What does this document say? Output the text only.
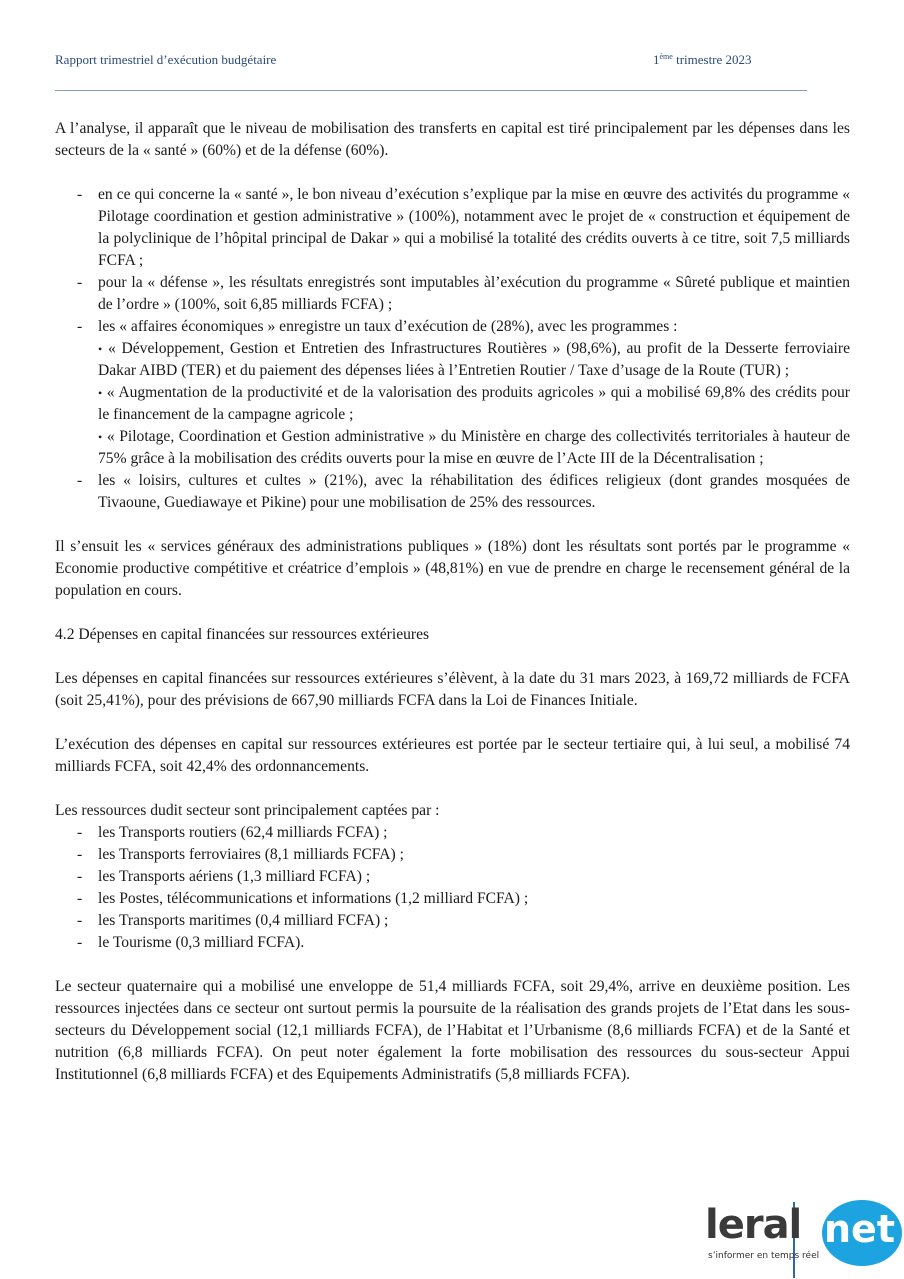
Rapport trimestriel d’exécution budgétaire	1ème trimestre 2023

A l’analyse, il apparaît que le niveau de mobilisation des transferts en capital est tiré principalement par les dépenses dans les secteurs de la « santé » (60%) et de la défense (60%).

- en ce qui concerne la « santé », le bon niveau d’exécution s’explique par la mise en œuvre des activités du programme « Pilotage coordination et gestion administrative » (100%), notamment avec le projet de « construction et équipement de la polyclinique de l’hôpital principal de Dakar » qui a mobilisé la totalité des crédits ouverts à ce titre, soit 7,5 milliards FCFA ;
- pour la « défense », les résultats enregistrés sont imputables àl’exécution du programme « Sûreté publique et maintien de l’ordre » (100%, soit 6,85 milliards FCFA) ;
- les « affaires économiques » enregistre un taux d’exécution de (28%), avec les programmes :
• « Développement, Gestion et Entretien des Infrastructures Routières » (98,6%), au profit de la Desserte ferroviaire Dakar AIBD (TER) et du paiement des dépenses liées à l’Entretien Routier / Taxe d’usage de la Route (TUR) ;
• « Augmentation de la productivité et de la valorisation des produits agricoles » qui a mobilisé 69,8% des crédits pour le financement de la campagne agricole ;
• « Pilotage, Coordination et Gestion administrative » du Ministère en charge des collectivités territoriales à hauteur de 75% grâce à la mobilisation des crédits ouverts pour la mise en œuvre de l’Acte III de la Décentralisation ;
- les « loisirs, cultures et cultes » (21%), avec la réhabilitation des édifices religieux (dont grandes mosquées de Tivaoune, Guediawaye et Pikine) pour une mobilisation de 25% des ressources.

Il s’ensuit les « services généraux des administrations publiques » (18%) dont les résultats sont portés par le programme « Economie productive compétitive et créatrice d’emplois » (48,81%) en vue de prendre en charge le recensement général de la population en cours.

4.2 Dépenses en capital financées sur ressources extérieures

Les dépenses en capital financées sur ressources extérieures s’élèvent, à la date du 31 mars 2023, à 169,72 milliards de FCFA (soit 25,41%), pour des prévisions de 667,90 milliards FCFA dans la Loi de Finances Initiale.

L’exécution des dépenses en capital sur ressources extérieures est portée par le secteur tertiaire qui, à lui seul, a mobilisé 74 milliards FCFA, soit 42,4% des ordonnancements.

Les ressources dudit secteur sont principalement captées par :

- les Transports routiers (62,4 milliards FCFA) ;
- les Transports ferroviaires (8,1 milliards FCFA) ;
- les Transports aériens (1,3 milliard FCFA) ;
- les Postes, télécommunications et informations (1,2 milliard FCFA) ;
- les Transports maritimes (0,4 milliard FCFA) ;
- le Tourisme (0,3 milliard FCFA).

Le secteur quaternaire qui a mobilisé une enveloppe de 51,4 milliards FCFA, soit 29,4%, arrive en deuxième position. Les ressources injectées dans ce secteur ont surtout permis la poursuite de la réalisation des grands projets de l’Etat dans les sous-secteurs du Développement social (12,1 milliards FCFA), de l’Habitat et l’Urbanisme (8,6 milliards FCFA) et de la Santé et nutrition (6,8 milliards FCFA). On peut noter également la forte mobilisation des ressources du sous-secteur Appui Institutionnel (6,8 milliards FCFA) et des Equipements Administratifs (5,8 milliards FCFA).

leral net
s’informer en temps réel
